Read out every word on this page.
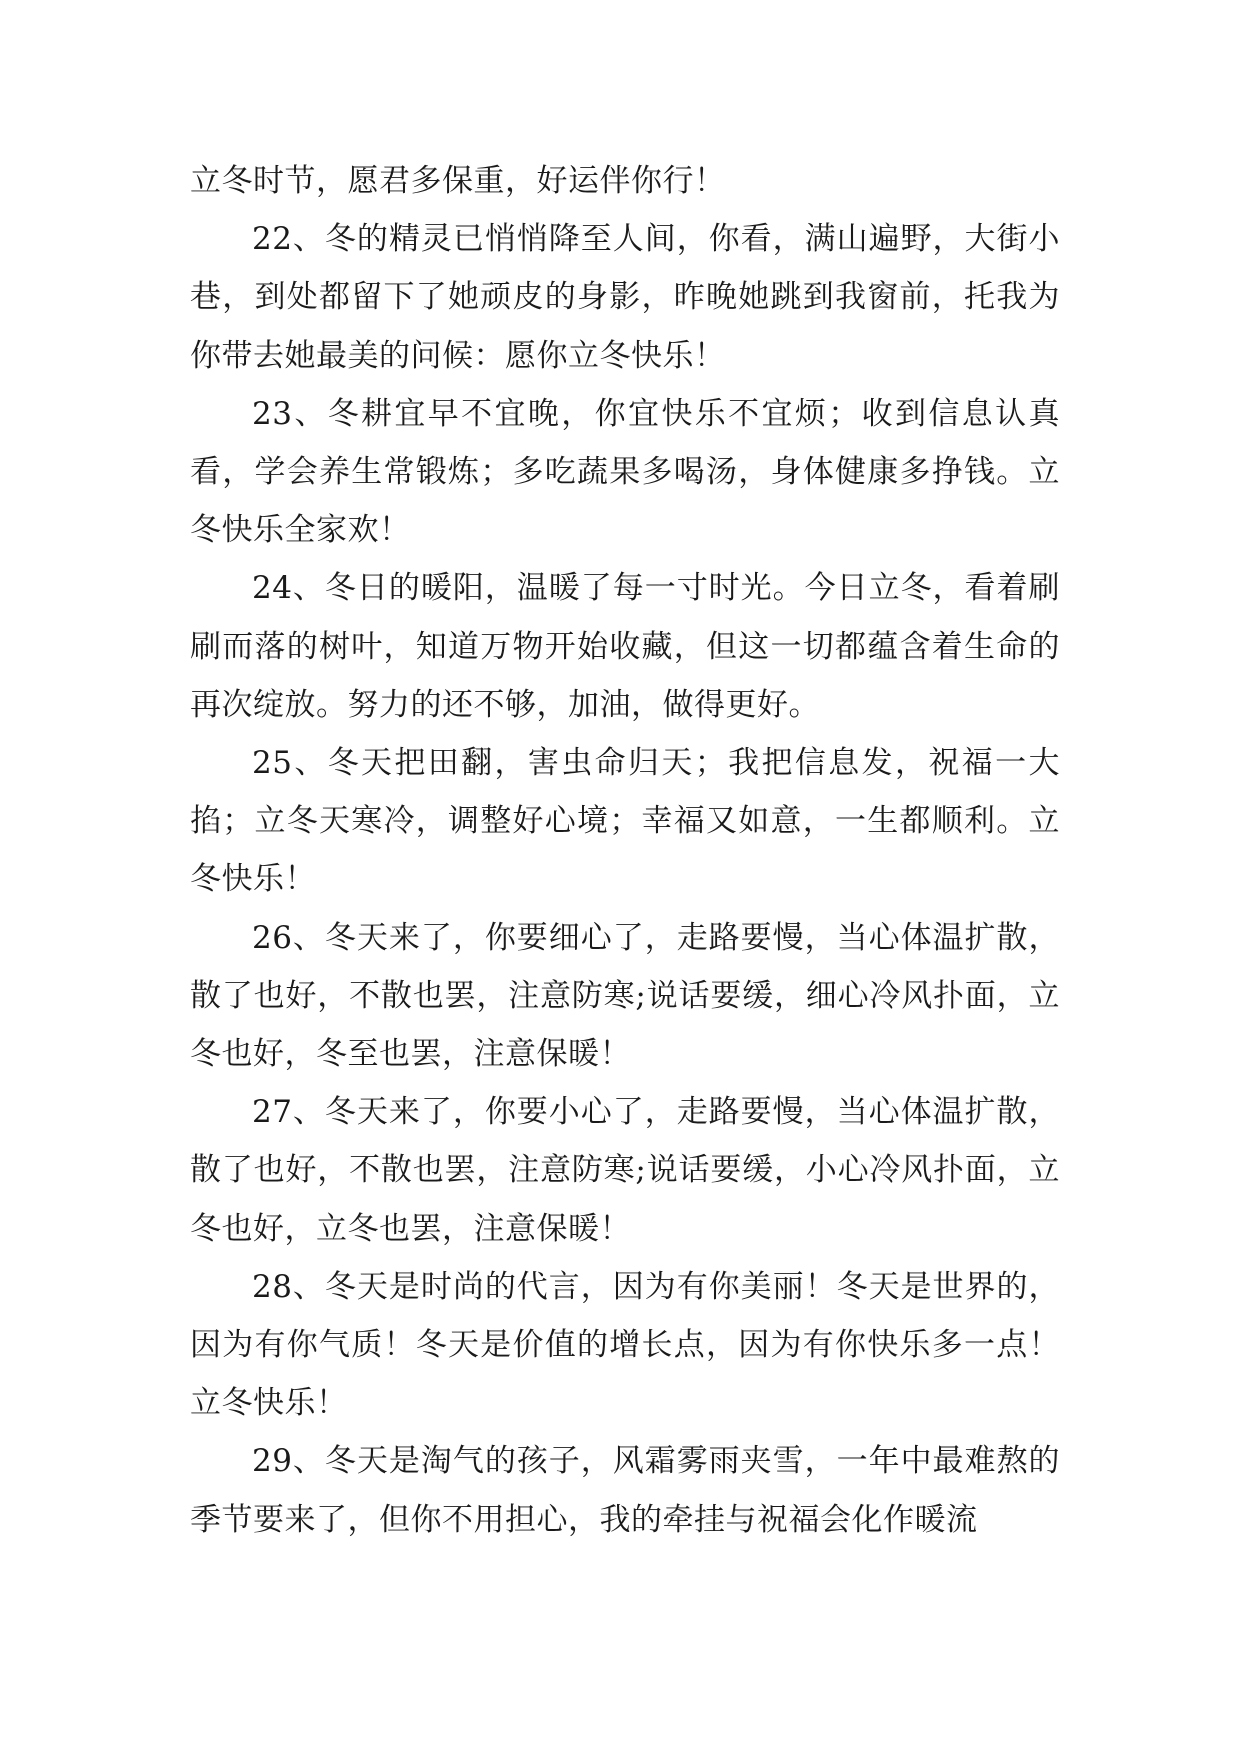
立冬时节，愿君多保重，好运伴你行！

22、冬的精灵已悄悄降至人间，你看，满山遍野，大街小巷，到处都留下了她顽皮的身影，昨晚她跳到我窗前，托我为你带去她最美的问候：愿你立冬快乐！

23、冬耕宜早不宜晚，你宜快乐不宜烦；收到信息认真看，学会养生常锻炼；多吃蔬果多喝汤，身体健康多挣钱。立冬快乐全家欢！

24、冬日的暖阳，温暖了每一寸时光。今日立冬，看着刷刷而落的树叶，知道万物开始收藏，但这一切都蕴含着生命的再次绽放。努力的还不够，加油，做得更好。

25、冬天把田翻，害虫命归天；我把信息发，祝福一大掐；立冬天寒冷，调整好心境；幸福又如意，一生都顺利。立冬快乐！

26、冬天来了，你要细心了，走路要慢，当心体温扩散，散了也好，不散也罢，注意防寒;说话要缓，细心冷风扑面，立冬也好，冬至也罢，注意保暖！

27、冬天来了，你要小心了，走路要慢，当心体温扩散，散了也好，不散也罢，注意防寒;说话要缓，小心冷风扑面，立冬也好，立冬也罢，注意保暖！

28、冬天是时尚的代言，因为有你美丽！冬天是世界的，因为有你气质！冬天是价值的增长点，因为有你快乐多一点！立冬快乐！

29、冬天是淘气的孩子，风霜雾雨夹雪，一年中最难熬的季节要来了，但你不用担心，我的牵挂与祝福会化作暖流
